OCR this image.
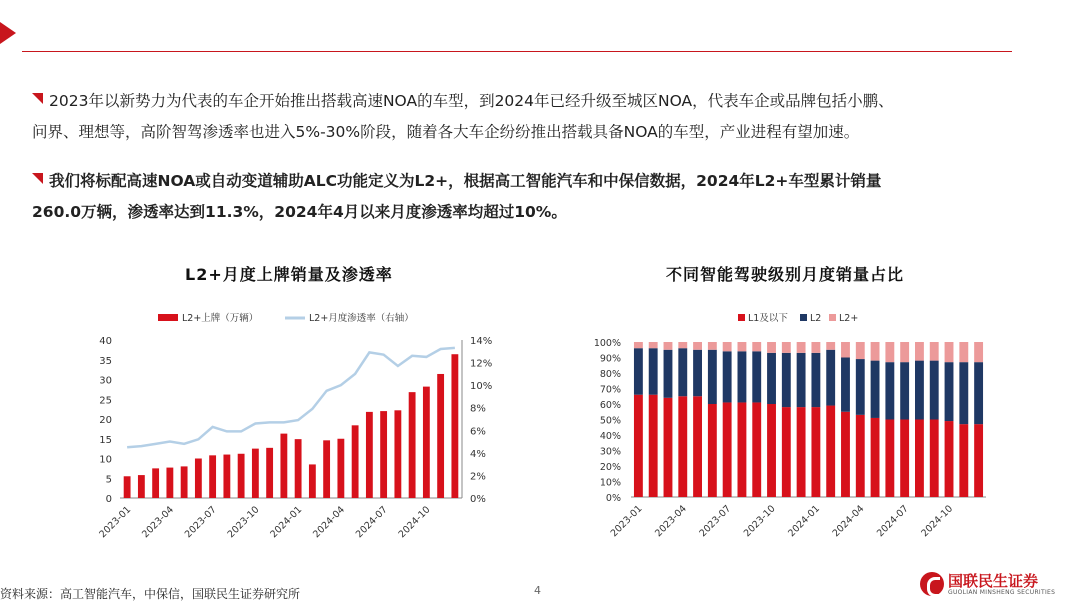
2023年以新势力为代表的车企开始推出搭载高速NOA的车型，到2024年已经升级至城区NOA，代表车企或品牌包括小鹏、
问界、理想等，高阶智驾渗透率也进入5%-30%阶段，随着各大车企纷纷推出搭载具备NOA的车型，产业进程有望加速。
我们将标配高速NOA或自动变道辅助ALC功能定义为L2+，根据高工智能汽车和中保信数据，2024年L2+车型累计销量
260.0万辆，渗透率达到11.3%，2024年4月以来月度渗透率均超过10%。
L2+月度上牌销量及渗透率	不同智能驾驶级别月度销量占比
0
5
10
15
20
25
30
35
40
0%
2%
4%
6%
8%
10%
12%
14%
2023-01 2023-04 2023-07 2023-10 2024-01 2024-04 2024-07 2024-10
L2+上牌（万辆）	L2+月度渗透率（右轴）
0%
10%
20%
30%
40%
50%
60%
70%
80%
90%
100%
2023-01 2023-04 2023-07 2023-10 2024-01 2024-04 2024-07 2024-10
L1及以下 L2 L2+
资料来源：高工智能汽车，中保信，国联民生证券研究所	4
国联民生证券
GUOLIAN MINSHENG SECURITIES
